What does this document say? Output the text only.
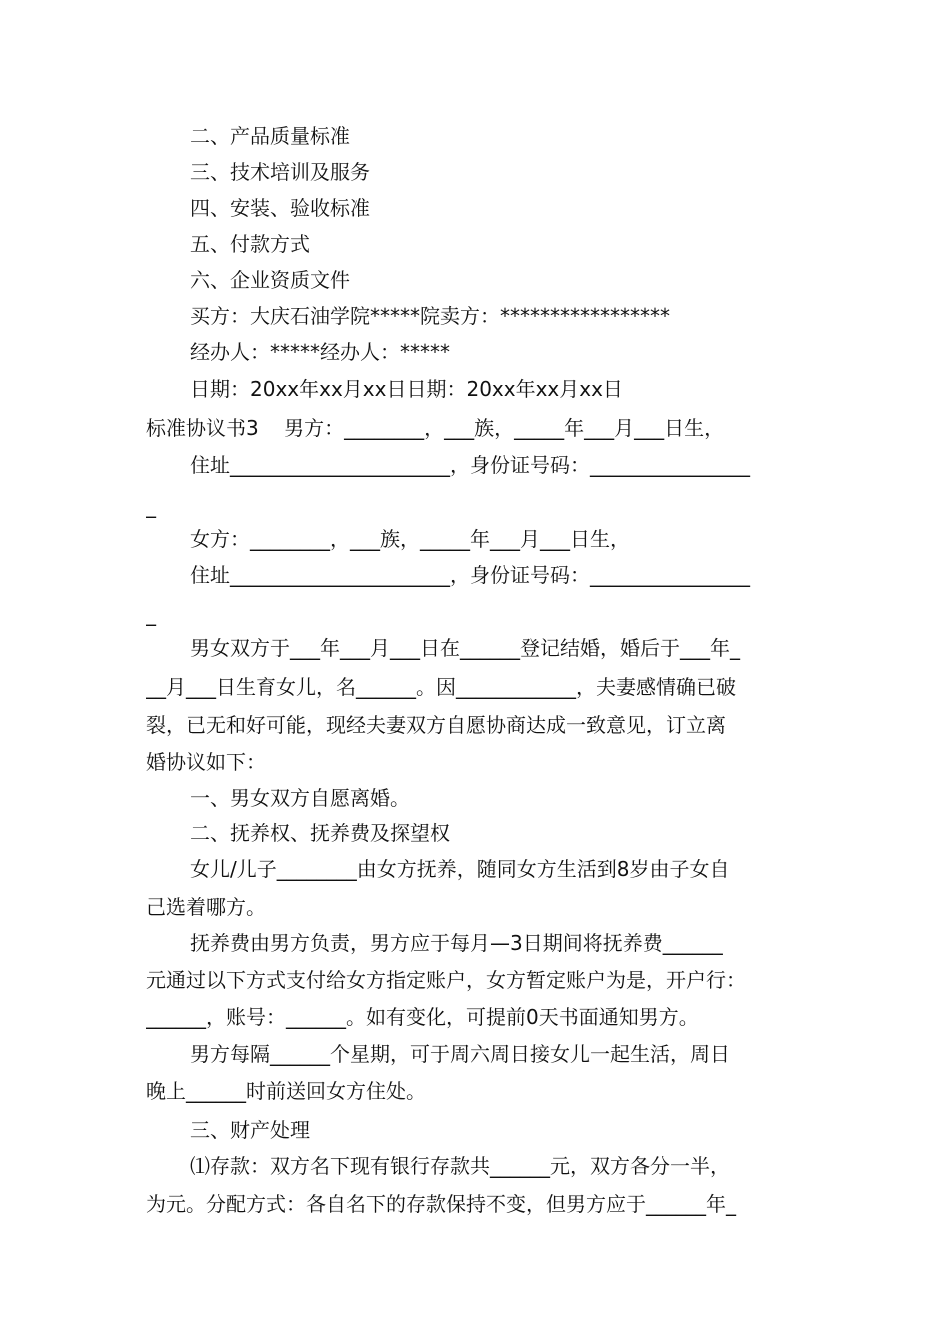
二、产品质量标准
三、技术培训及服务
四、安装、验收标准
五、付款方式
六、企业资质文件
买方：大庆石油学院*****院卖方：*****************
经办人：*****经办人：*****
日期：20xx年xx月xx日日期：20xx年xx月xx日
标准协议书3    男方：________，___族，_____年___月___日生，
住址______________________，身份证号码：________________
_
女方：________，___族，_____年___月___日生，
住址______________________，身份证号码：________________
_
男女双方于___年___月___日在______登记结婚，婚后于___年_
__月___日生育女儿，名______。因____________，夫妻感情确已破
裂，已无和好可能，现经夫妻双方自愿协商达成一致意见，订立离
婚协议如下：
一、男女双方自愿离婚。
二、抚养权、抚养费及探望权
女儿/儿子________由女方抚养，随同女方生活到8岁由子女自
己选着哪方。
抚养费由男方负责，男方应于每月—3日期间将抚养费______
元通过以下方式支付给女方指定账户，女方暂定账户为是，开户行：
______，账号：______。如有变化，可提前0天书面通知男方。
男方每隔______个星期，可于周六周日接女儿一起生活，周日
晚上______时前送回女方住处。
三、财产处理
⑴存款：双方名下现有银行存款共______元，双方各分一半，
为元。分配方式：各自名下的存款保持不变，但男方应于______年_
